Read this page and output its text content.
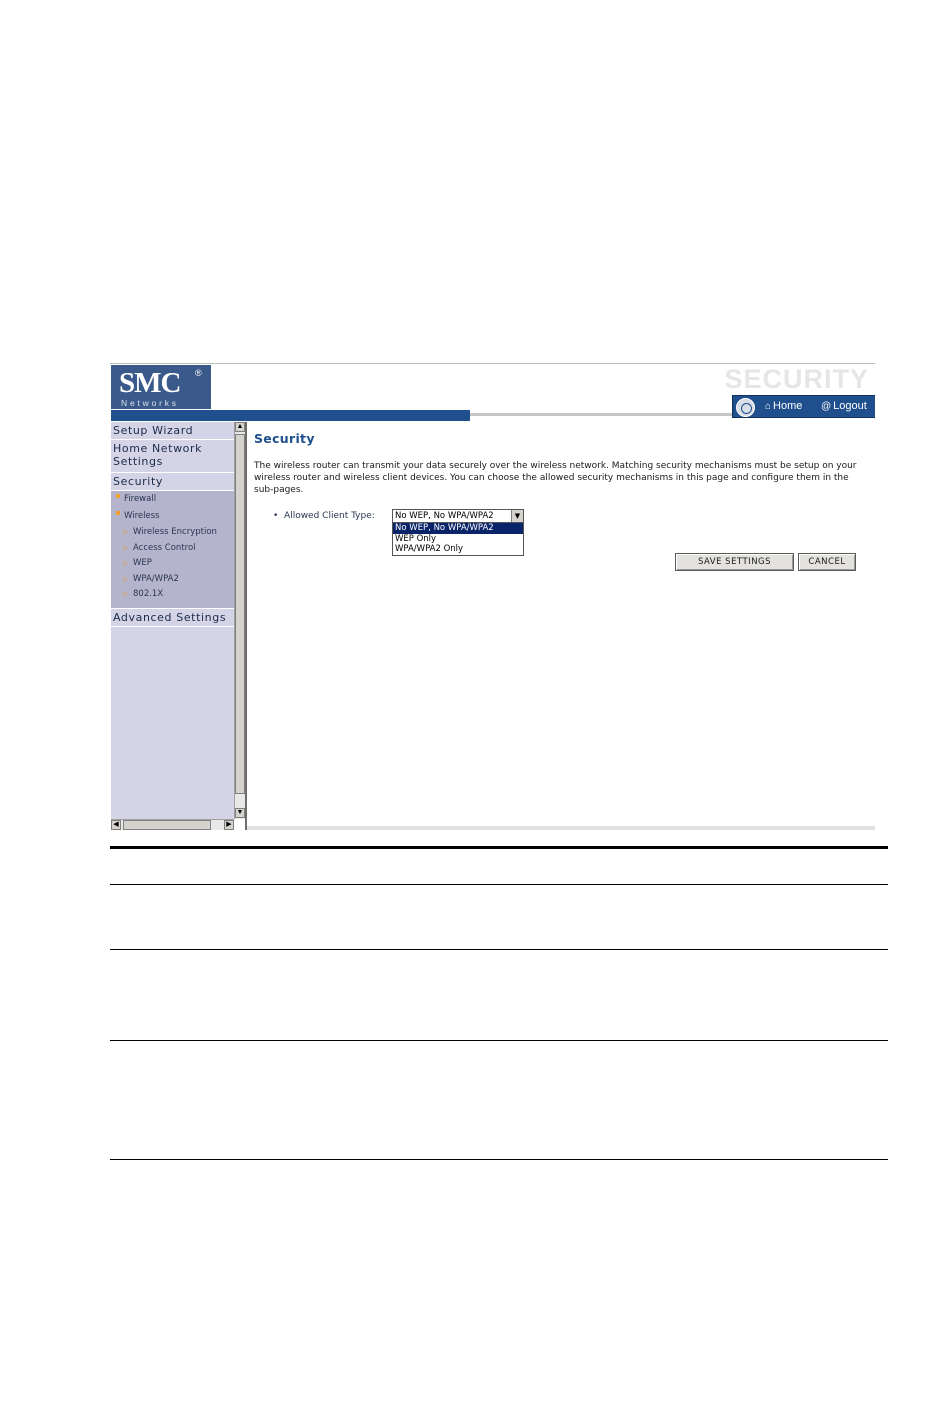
SMC ®
Networks
SECURITY
⌂ Home @ Logout
Setup Wizard
Home Network Settings
Security
Firewall
Wireless
▷ Wireless Encryption
▷ Access Control
▷ WEP
▷ WPA/WPA2
▷ 802.1X
Advanced Settings
▲
▼
◀	▶
Security
The wireless router can transmit your data securely over the wireless network. Matching security mechanisms must be setup on your wireless router and wireless client devices. You can choose the allowed security mechanisms in this page and configure them in the sub-pages.
•  Allowed Client Type: No WEP, No WPA/WPA2	▼
No WEP, No WPA/WPA2
WEP Only
WPA/WPA2 Only
SAVE SETTINGS	CANCEL
